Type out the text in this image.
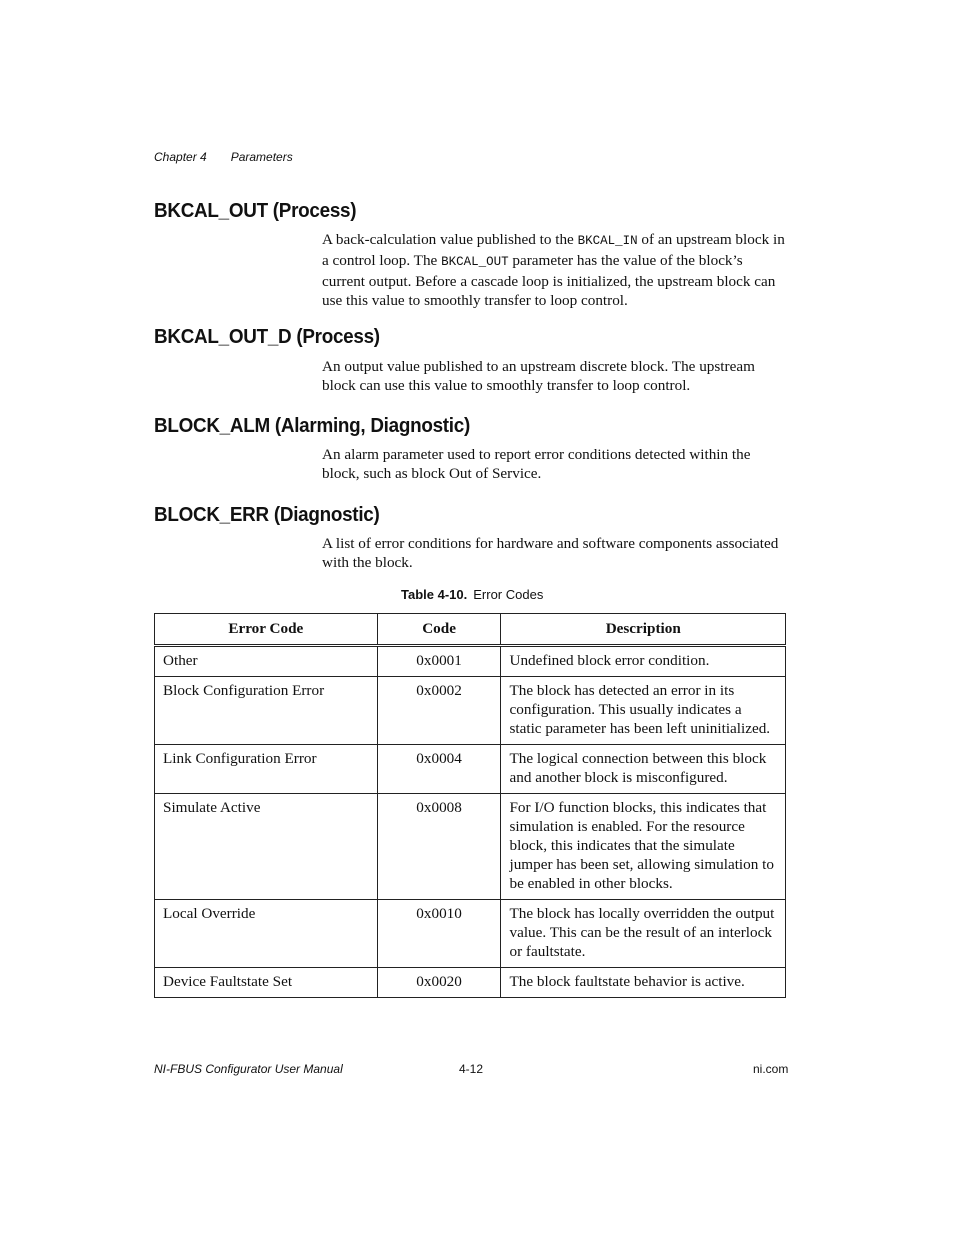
Chapter 4 Parameters
BKCAL_OUT (Process)

A back-calculation value published to the BKCAL_IN of an upstream block in a control loop. The BKCAL_OUT parameter has the value of the block’s current output. Before a cascade loop is initialized, the upstream block can use this value to smoothly transfer to loop control.

BKCAL_OUT_D (Process)

An output value published to an upstream discrete block. The upstream block can use this value to smoothly transfer to loop control.

BLOCK_ALM (Alarming, Diagnostic)

An alarm parameter used to report error conditions detected within the block, such as block Out of Service.

BLOCK_ERR (Diagnostic)

A list of error conditions for hardware and software components associated with the block.

Table 4-10. Error Codes
Error Code	Code	Description
Other	0x0001	Undefined block error condition.
Block Configuration Error	0x0002	The block has detected an error in its configuration. This usually indicates a static parameter has been left uninitialized.
Link Configuration Error	0x0004	The logical connection between this block and another block is misconfigured.
Simulate Active	0x0008	For I/O function blocks, this indicates that simulation is enabled. For the resource block, this indicates that the simulate jumper has been set, allowing simulation to be enabled in other blocks.
Local Override	0x0010	The block has locally overridden the output value. This can be the result of an interlock or faultstate.
Device Faultstate Set	0x0020	The block faultstate behavior is active.
NI-FBUS Configurator User Manual	4-12	ni.com
